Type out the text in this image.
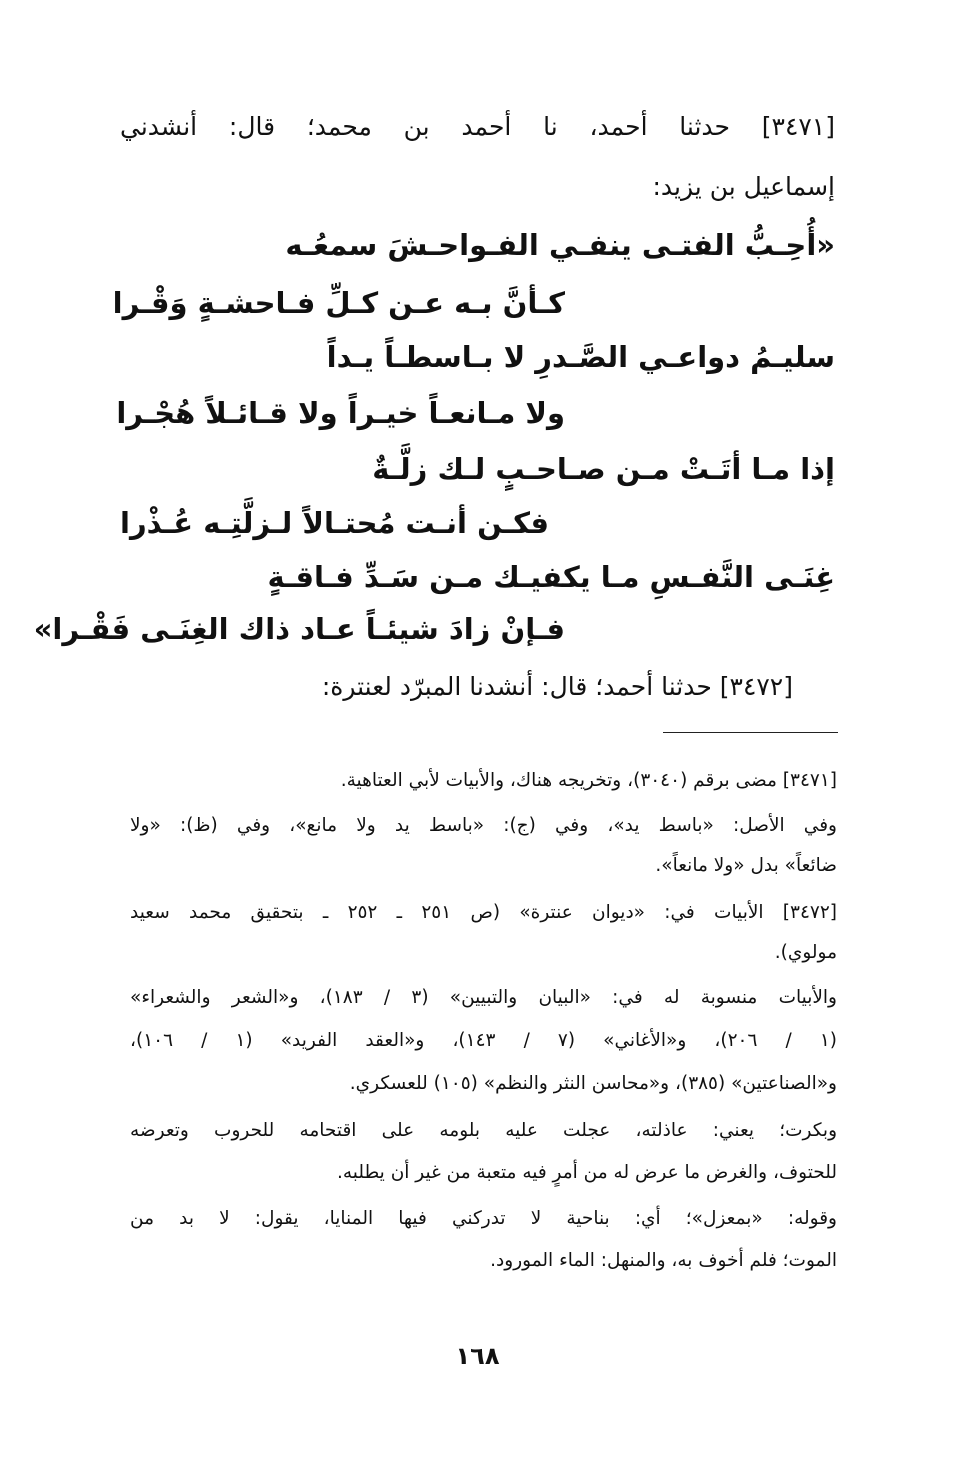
[٣٤٧١] حدثنا أحمد، نا أحمد بن محمد؛ قال: أنشدني
إسماعيل بن يزيد:
«أُحِـبُّ الفتـى ينفـي الفـواحـشَ سمعُـه
كـأنَّ بـه عـن كـلِّ فـاحشـةٍ وَقْـرا
سليـمُ دواعـي الصَّـدرِ لا بـاسطـاً يـداً
ولا مـانعـاً خيـراً ولا قـائـلاً هُجْـرا
إذا مـا أتَـتْ مـن صـاحـبٍ لـك زلَّـةٌ
فكـن أنـت مُحتـالاً لـزلَّتِـه عُـذْرا
غِنَـى النَّفـسِ مـا يكفيـك مـن سَـدِّ فـاقـةٍ
فـإنْ زادَ شيئـاً عـاد ذاك الغِنَـى فَقْـرا»
[٣٤٧٢] حدثنا أحمد؛ قال: أنشدنا المبرّد لعنترة:
[٣٤٧١] مضى برقم (٣٠٤٠)، وتخريجه هناك، والأبيات لأبي العتاهية.
وفي الأصل: «باسط يد»، وفي (ج): «باسط يد ولا مانع»، وفي (ظ): «ولا
ضائعاً» بدل «ولا مانعاً».
[٣٤٧٢] الأبيات في: «ديوان عنترة» (ص ٢٥١ ـ ٢٥٢ ـ بتحقيق محمد سعيد
مولوي).
والأبيات منسوبة له في: «البيان والتبيين» (٣ / ١٨٣)، و«الشعر والشعراء»
(١ / ٢٠٦)، و«الأغاني» (٧ / ١٤٣)، و«العقد الفريد» (١ / ١٠٦)،
و«الصناعتين» (٣٨٥)، و«محاسن النثر والنظم» (١٠٥) للعسكري.
وبكرت؛ يعني: عاذلته، عجلت عليه بلومه على اقتحامه للحروب وتعرضه
للحتوف، والغرض ما عرض له من أمرٍ فيه متعبة من غير أن يطلبه.
وقوله: «بمعزل»؛ أي: بناحية لا تدركني فيها المنايا، يقول: لا بد من
الموت؛ فلم أخوف به، والمنهل: الماء المورود.
١٦٨
